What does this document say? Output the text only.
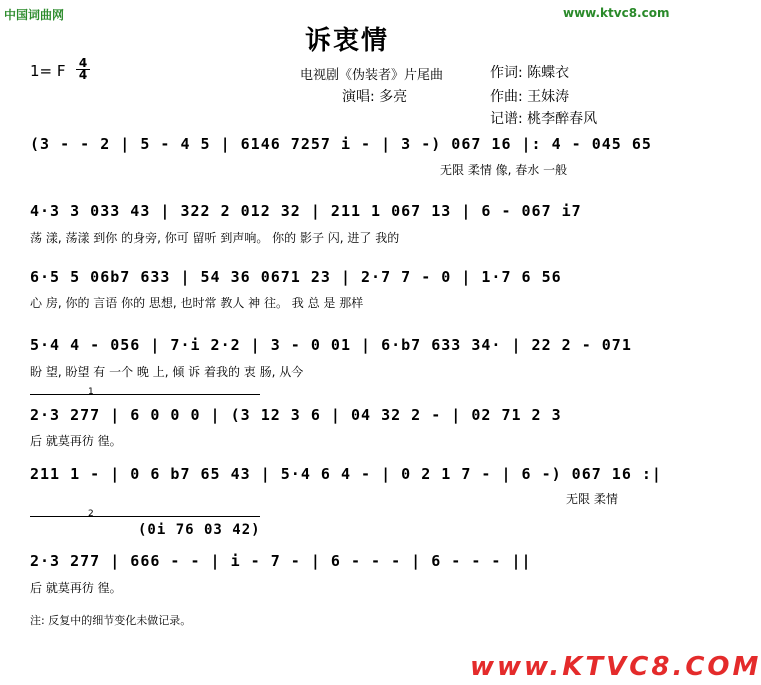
中国词曲网	www.ktvc8.com
诉衷情
1= F 4
4	电视剧《伪装者》片尾曲	作词: 陈蝶衣
演唱: 多亮	作曲: 王妹涛
记谱: 桃李醉春风
(3 - - 2 | 5 - 4 5 | 6146 7257 i - | 3 -) 067 16 |: 4 - 045 65
无限 柔情 像, 春水 一般
4·3 3 033 43 | 322 2 012 32 | 211 1 067 13 | 6 - 067 i7
荡 漾, 荡漾 到你 的身旁, 你可 留听 到声响。 你的 影子 闪, 进了 我的
6·5 5 06b7 633 | 54 36 0671 23 | 2·7 7 - 0 | 1·7 6 56
心 房, 你的 言语 你的 思想, 也时常 教人 神 往。 我 总 是 那样
5·4 4 - 056 | 7·i 2·2 | 3 - 0 01 | 6·b7 633 34· | 22 2 - 071
盼 望, 盼望 有 一个 晚 上, 倾 诉 着我的 衷 肠, 从今
1
2·3 277 | 6 0 0 0 | (3 12 3 6 | 04 32 2 - | 02 71 2 3
后 就莫再彷 徨。
211 1 - | 0 6 b7 65 43 | 5·4 6 4 - | 0 2 1 7 - | 6 -) 067 16 :|
无限 柔情
2
(0i 76 03 42)
2·3 277 | 666 - - | i - 7 - | 6 - - - | 6 - - - ||
后 就莫再彷 徨。
注: 反复中的细节变化未做记录。
www.KTVC8.COM
